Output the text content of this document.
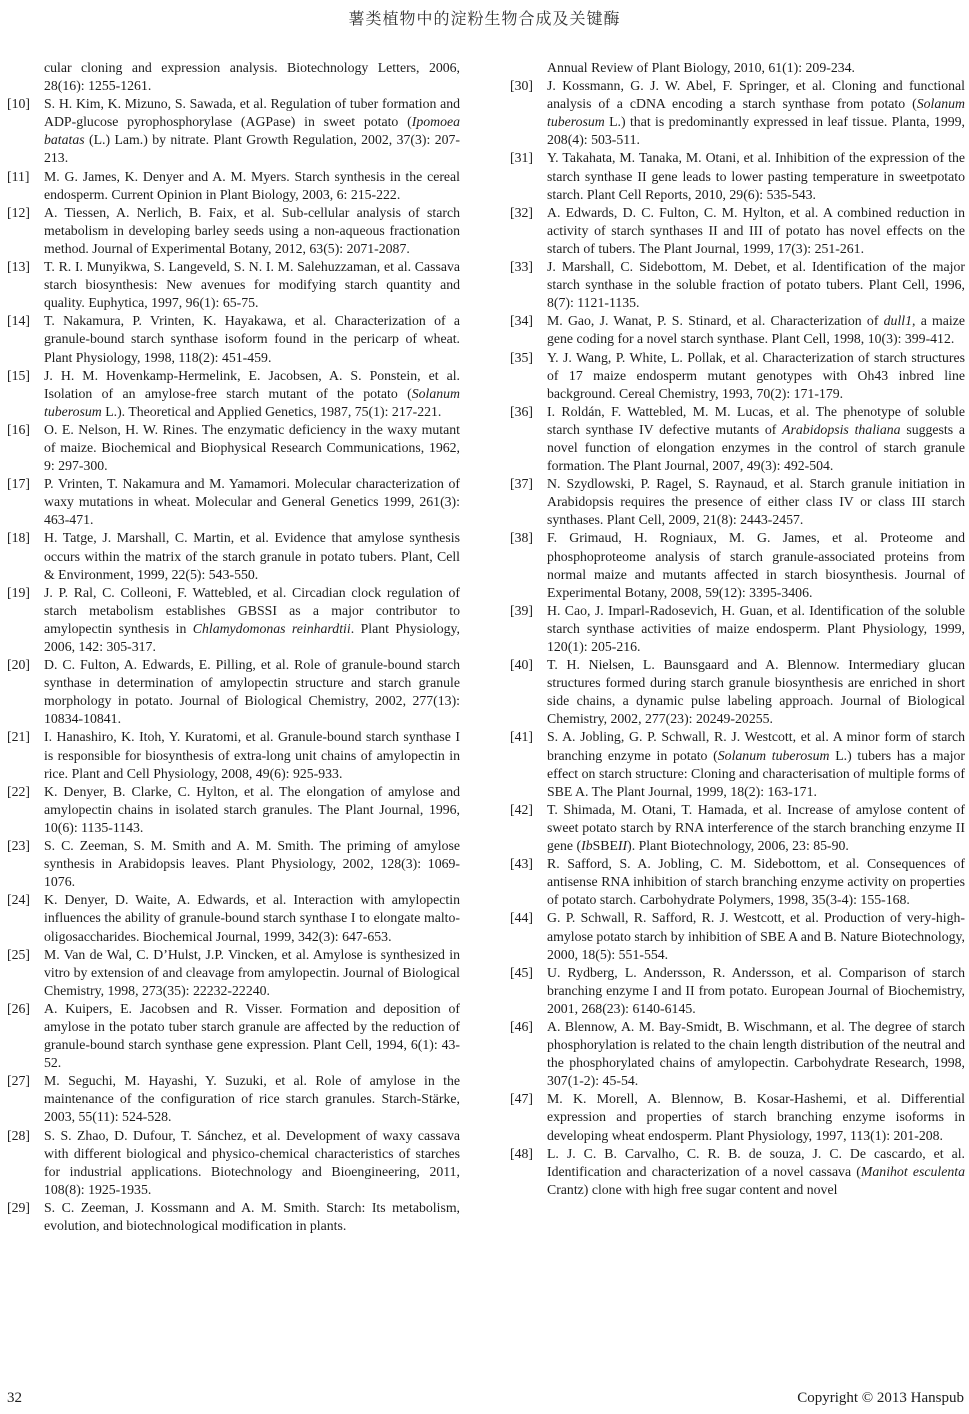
薯类植物中的淀粉生物合成及关键酶
cular cloning and expression analysis. Biotechnology Letters, 2006, 28(16): 1255-1261.
[10]	S. H. Kim, K. Mizuno, S. Sawada, et al. Regulation of tuber formation and ADP-glucose pyrophosphorylase (AGPase) in sweet potato (Ipomoea batatas (L.) Lam.) by nitrate. Plant Growth Regulation, 2002, 37(3): 207-213.
[11]	M. G. James, K. Denyer and A. M. Myers. Starch synthesis in the cereal endosperm. Current Opinion in Plant Biology, 2003, 6: 215-222.
[12]	A. Tiessen, A. Nerlich, B. Faix, et al. Sub-cellular analysis of starch metabolism in developing barley seeds using a non-aqueous fractionation method. Journal of Experimental Botany, 2012, 63(5): 2071-2087.
[13]	T. R. I. Munyikwa, S. Langeveld, S. N. I. M. Salehuzzaman, et al. Cassava starch biosynthesis: New avenues for modifying starch quantity and quality. Euphytica, 1997, 96(1): 65-75.
[14]	T. Nakamura, P. Vrinten, K. Hayakawa, et al. Characterization of a granule-bound starch synthase isoform found in the pericarp of wheat. Plant Physiology, 1998, 118(2): 451-459.
[15]	J. H. M. Hovenkamp-Hermelink, E. Jacobsen, A. S. Ponstein, et al. Isolation of an amylose-free starch mutant of the potato (Solanum tuberosum L.). Theoretical and Applied Genetics, 1987, 75(1): 217-221.
[16]	O. E. Nelson, H. W. Rines. The enzymatic deficiency in the waxy mutant of maize. Biochemical and Biophysical Research Communications, 1962, 9: 297-300.
[17]	P. Vrinten, T. Nakamura and M. Yamamori. Molecular characterization of waxy mutations in wheat. Molecular and General Genetics 1999, 261(3): 463-471.
[18]	H. Tatge, J. Marshall, C. Martin, et al. Evidence that amylose synthesis occurs within the matrix of the starch granule in potato tubers. Plant, Cell & Environment, 1999, 22(5): 543-550.
[19]	J. P. Ral, C. Colleoni, F. Wattebled, et al. Circadian clock regulation of starch metabolism establishes GBSSI as a major contributor to amylopectin synthesis in Chlamydomonas reinhardtii. Plant Physiology, 2006, 142: 305-317.
[20]	D. C. Fulton, A. Edwards, E. Pilling, et al. Role of granule-bound starch synthase in determination of amylopectin structure and starch granule morphology in potato. Journal of Biological Chemistry, 2002, 277(13): 10834-10841.
[21]	I. Hanashiro, K. Itoh, Y. Kuratomi, et al. Granule-bound starch synthase I is responsible for biosynthesis of extra-long unit chains of amylopectin in rice. Plant and Cell Physiology, 2008, 49(6): 925-933.
[22]	K. Denyer, B. Clarke, C. Hylton, et al. The elongation of amylose and amylopectin chains in isolated starch granules. The Plant Journal, 1996, 10(6): 1135-1143.
[23]	S. C. Zeeman, S. M. Smith and A. M. Smith. The priming of amylose synthesis in Arabidopsis leaves. Plant Physiology, 2002, 128(3): 1069-1076.
[24]	K. Denyer, D. Waite, A. Edwards, et al. Interaction with amylopectin influences the ability of granule-bound starch synthase I to elongate malto-oligosaccharides. Biochemical Journal, 1999, 342(3): 647-653.
[25]	M. Van de Wal, C. D’Hulst, J.P. Vincken, et al. Amylose is synthesized in vitro by extension of and cleavage from amylopectin. Journal of Biological Chemistry, 1998, 273(35): 22232-22240.
[26]	A. Kuipers, E. Jacobsen and R. Visser. Formation and deposition of amylose in the potato tuber starch granule are affected by the reduction of granule-bound starch synthase gene expression. Plant Cell, 1994, 6(1): 43-52.
[27]	M. Seguchi, M. Hayashi, Y. Suzuki, et al. Role of amylose in the maintenance of the configuration of rice starch granules. Starch-Stärke, 2003, 55(11): 524-528.
[28]	S. S. Zhao, D. Dufour, T. Sánchez, et al. Development of waxy cassava with different biological and physico-chemical characteristics of starches for industrial applications. Biotechnology and Bioengineering, 2011, 108(8): 1925-1935.
[29]	S. C. Zeeman, J. Kossmann and A. M. Smith. Starch: Its metabolism, evolution, and biotechnological modification in plants.
Annual Review of Plant Biology, 2010, 61(1): 209-234.
[30]	J. Kossmann, G. J. W. Abel, F. Springer, et al. Cloning and functional analysis of a cDNA encoding a starch synthase from potato (Solanum tuberosum L.) that is predominantly expressed in leaf tissue. Planta, 1999, 208(4): 503-511.
[31]	Y. Takahata, M. Tanaka, M. Otani, et al. Inhibition of the expression of the starch synthase II gene leads to lower pasting temperature in sweetpotato starch. Plant Cell Reports, 2010, 29(6): 535-543.
[32]	A. Edwards, D. C. Fulton, C. M. Hylton, et al. A combined reduction in activity of starch synthases II and III of potato has novel effects on the starch of tubers. The Plant Journal, 1999, 17(3): 251-261.
[33]	J. Marshall, C. Sidebottom, M. Debet, et al. Identification of the major starch synthase in the soluble fraction of potato tubers. Plant Cell, 1996, 8(7): 1121-1135.
[34]	M. Gao, J. Wanat, P. S. Stinard, et al. Characterization of dull1, a maize gene coding for a novel starch synthase. Plant Cell, 1998, 10(3): 399-412.
[35]	Y. J. Wang, P. White, L. Pollak, et al. Characterization of starch structures of 17 maize endosperm mutant genotypes with Oh43 inbred line background. Cereal Chemistry, 1993, 70(2): 171-179.
[36]	I. Roldán, F. Wattebled, M. M. Lucas, et al. The phenotype of soluble starch synthase IV defective mutants of Arabidopsis thaliana suggests a novel function of elongation enzymes in the control of starch granule formation. The Plant Journal, 2007, 49(3): 492-504.
[37]	N. Szydlowski, P. Ragel, S. Raynaud, et al. Starch granule initiation in Arabidopsis requires the presence of either class IV or class III starch synthases. Plant Cell, 2009, 21(8): 2443-2457.
[38]	F. Grimaud, H. Rogniaux, M. G. James, et al. Proteome and phosphoproteome analysis of starch granule-associated proteins from normal maize and mutants affected in starch biosynthesis. Journal of Experimental Botany, 2008, 59(12): 3395-3406.
[39]	H. Cao, J. Imparl-Radosevich, H. Guan, et al. Identification of the soluble starch synthase activities of maize endosperm. Plant Physiology, 1999, 120(1): 205-216.
[40]	T. H. Nielsen, L. Baunsgaard and A. Blennow. Intermediary glucan structures formed during starch granule biosynthesis are enriched in short side chains, a dynamic pulse labeling approach. Journal of Biological Chemistry, 2002, 277(23): 20249-20255.
[41]	S. A. Jobling, G. P. Schwall, R. J. Westcott, et al. A minor form of starch branching enzyme in potato (Solanum tuberosum L.) tubers has a major effect on starch structure: Cloning and characterisation of multiple forms of SBE A. The Plant Journal, 1999, 18(2): 163-171.
[42]	T. Shimada, M. Otani, T. Hamada, et al. Increase of amylose content of sweet potato starch by RNA interference of the starch branching enzyme II gene (IbSBEII). Plant Biotechnology, 2006, 23: 85-90.
[43]	R. Safford, S. A. Jobling, C. M. Sidebottom, et al. Consequences of antisense RNA inhibition of starch branching enzyme activity on properties of potato starch. Carbohydrate Polymers, 1998, 35(3-4): 155-168.
[44]	G. P. Schwall, R. Safford, R. J. Westcott, et al. Production of very-high-amylose potato starch by inhibition of SBE A and B. Nature Biotechnology, 2000, 18(5): 551-554.
[45]	U. Rydberg, L. Andersson, R. Andersson, et al. Comparison of starch branching enzyme I and II from potato. European Journal of Biochemistry, 2001, 268(23): 6140-6145.
[46]	A. Blennow, A. M. Bay-Smidt, B. Wischmann, et al. The degree of starch phosphorylation is related to the chain length distribution of the neutral and the phosphorylated chains of amylopectin. Carbohydrate Research, 1998, 307(1-2): 45-54.
[47]	M. K. Morell, A. Blennow, B. Kosar-Hashemi, et al. Differential expression and properties of starch branching enzyme isoforms in developing wheat endosperm. Plant Physiology, 1997, 113(1): 201-208.
[48]	L. J. C. B. Carvalho, C. R. B. de souza, J. C. De cascardo, et al. Identification and characterization of a novel cassava (Manihot esculenta Crantz) clone with high free sugar content and novel
32	Copyright © 2013 Hanspub
